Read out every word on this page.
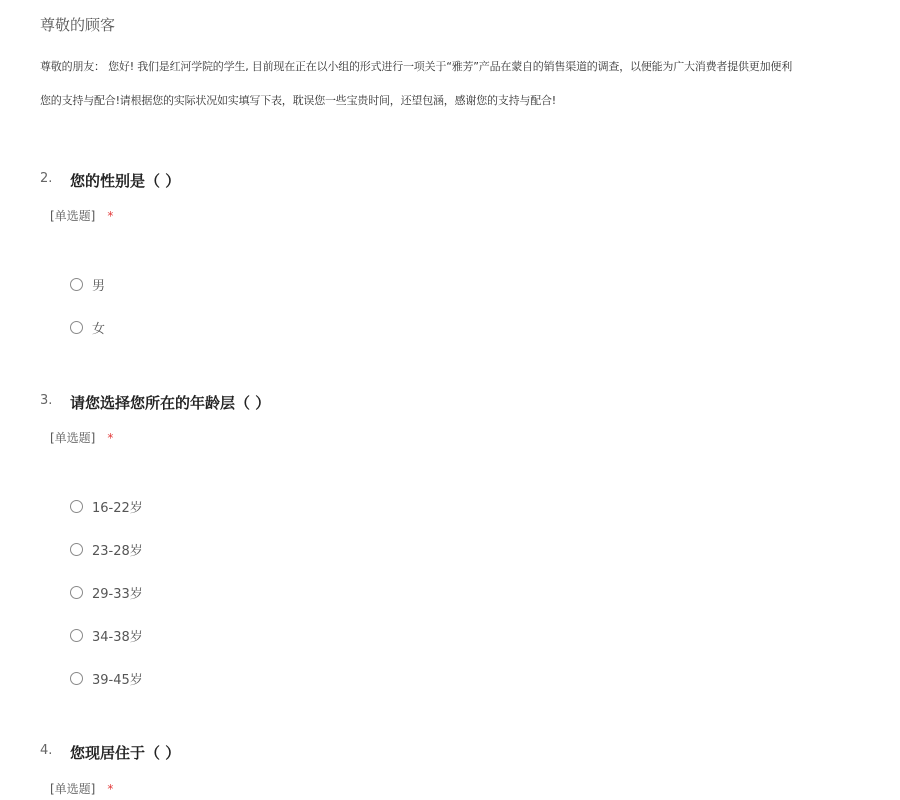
尊敬的顾客
尊敬的朋友： 您好! 我们是红河学院的学生, 目前现在正在以小组的形式进行一项关于“雅芳”产品在蒙自的销售渠道的调查，以便能为广大消费者提供更加便利
您的支持与配合!请根据您的实际状况如实填写下表，耽误您一些宝贵时间，还望包涵，感谢您的支持与配合!
2. 您的性别是（ ）
[单选题] *
男
女
3. 请您选择您所在的年龄层（ ）
[单选题] *
16-22岁
23-28岁
29-33岁
34-38岁
39-45岁
4. 您现居住于（ ）
[单选题] *
